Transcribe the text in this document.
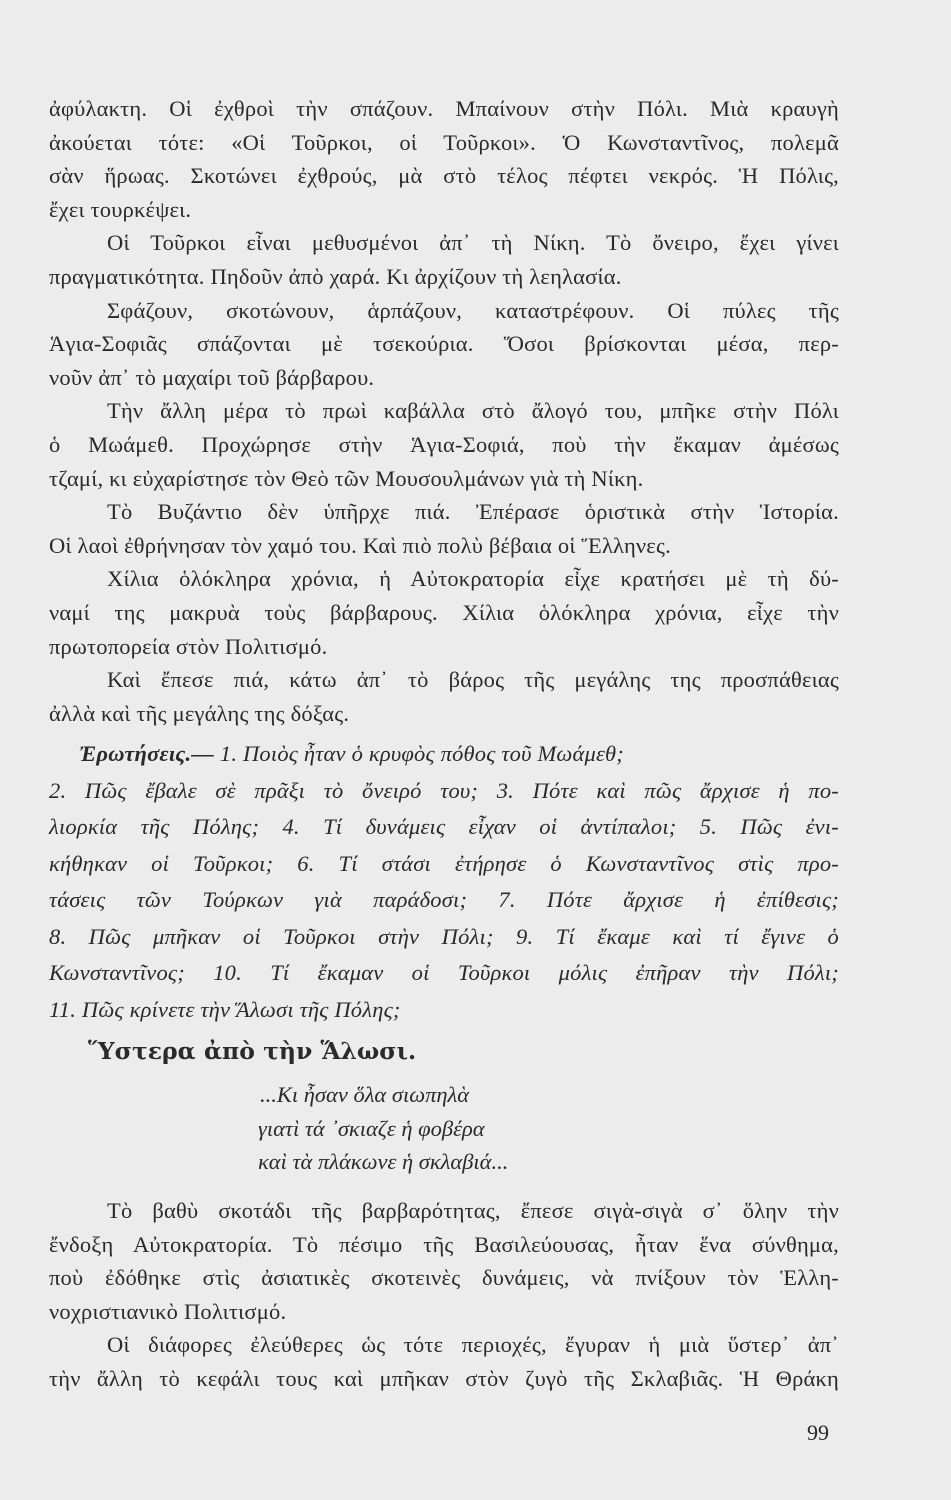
ἀφύλακτη. Οἱ ἐχθροὶ τὴν σπάζουν. Μπαίνουν στὴν Πόλι. Μιὰ κραυγὴ
ἀκούεται τότε: «Οἱ Τοῦρκοι, οἱ Τοῦρκοι». Ὁ Κωνσταντῖνος, πολεμᾶ
σὰν ἥρωας. Σκοτώνει ἐχθρούς, μὰ στὸ τέλος πέφτει νεκρός. Ἡ Πόλις,
ἔχει τουρκέψει.
Οἱ Τοῦρκοι εἶναι μεθυσμένοι ἀπ᾽ τὴ Νίκη. Τὸ ὄνειρο, ἔχει γίνει
πραγματικότητα. Πηδοῦν ἀπὸ χαρά. Κι ἀρχίζουν τὴ λεηλασία.
Σφάζουν, σκοτώνουν, ἁρπάζουν, καταστρέφουν. Οἱ πύλες τῆς
Ἁγια-Σοφιᾶς σπάζονται μὲ τσεκούρια. Ὅσοι βρίσκονται μέσα, περ-
νοῦν ἀπ᾽ τὸ μαχαίρι τοῦ βάρβαρου.
Τὴν ἄλλη μέρα τὸ πρωὶ καβάλλα στὸ ἄλογό του, μπῆκε στὴν Πόλι
ὁ Μωάμεθ. Προχώρησε στὴν Ἁγια-Σοφιά, ποὺ τὴν ἔκαμαν ἀμέσως
τζαμί, κι εὐχαρίστησε τὸν Θεὸ τῶν Μουσουλμάνων γιὰ τὴ Νίκη.
Τὸ Βυζάντιο δὲν ὑπῆρχε πιά. Ἐπέρασε ὁριστικὰ στὴν Ἱστορία.
Οἱ λαοὶ ἐθρήνησαν τὸν χαμό του. Καὶ πιὸ πολὺ βέβαια οἱ Ἕλληνες.
Χίλια ὁλόκληρα χρόνια, ἡ Αὐτοκρατορία εἶχε κρατήσει μὲ τὴ δύ-
ναμί της μακρυὰ τοὺς βάρβαρους. Χίλια ὁλόκληρα χρόνια, εἶχε τὴν
πρωτοπορεία στὸν Πολιτισμό.
Καὶ ἔπεσε πιά, κάτω ἀπ᾽ τὸ βάρος τῆς μεγάλης της προσπάθειας
ἀλλὰ καὶ τῆς μεγάλης της δόξας.
Ἐρωτήσεις.— 1. Ποιὸς ἦταν ὁ κρυφὸς πόθος τοῦ Μωάμεθ;
2. Πῶς ἔβαλε σὲ πρᾶξι τὸ ὄνειρό του; 3. Πότε καὶ πῶς ἄρχισε ἡ πο-
λιορκία τῆς Πόλης; 4. Τί δυνάμεις εἶχαν οἱ ἀντίπαλοι; 5. Πῶς ἐνι-
κήθηκαν οἱ Τοῦρκοι; 6. Τί στάσι ἐτήρησε ὁ Κωνσταντῖνος στὶς προ-
τάσεις τῶν Τούρκων γιὰ παράδοσι; 7. Πότε ἄρχισε ἡ ἐπίθεσις;
8. Πῶς μπῆκαν οἱ Τοῦρκοι στὴν Πόλι; 9. Τί ἔκαμε καὶ τί ἔγινε ὁ
Κωνσταντῖνος; 10. Τί ἔκαμαν οἱ Τοῦρκοι μόλις ἐπῆραν τὴν Πόλι;
11. Πῶς κρίνετε τὴν Ἅλωσι τῆς Πόλης;
Ὕστερα ἀπὸ τὴν Ἅλωσι.
...Κι ἦσαν ὅλα σιωπηλὰ
γιατὶ τά ᾽σκιαζε ἡ φοβέρα
καὶ τὰ πλάκωνε ἡ σκλαβιά...
Τὸ βαθὺ σκοτάδι τῆς βαρβαρότητας, ἔπεσε σιγὰ-σιγὰ σ᾽ ὅλην τὴν
ἔνδοξη Αὐτοκρατορία. Τὸ πέσιμο τῆς Βασιλεύουσας, ἦταν ἕνα σύνθημα,
ποὺ ἐδόθηκε στὶς ἀσιατικὲς σκοτεινὲς δυνάμεις, νὰ πνίξουν τὸν Ἑλλη-
νοχριστιανικὸ Πολιτισμό.
Οἱ διάφορες ἐλεύθερες ὡς τότε περιοχές, ἔγυραν ἡ μιὰ ὕστερ᾽ ἀπ᾽
τὴν ἄλλη τὸ κεφάλι τους καὶ μπῆκαν στὸν ζυγὸ τῆς Σκλαβιᾶς. Ἡ Θράκη
99
